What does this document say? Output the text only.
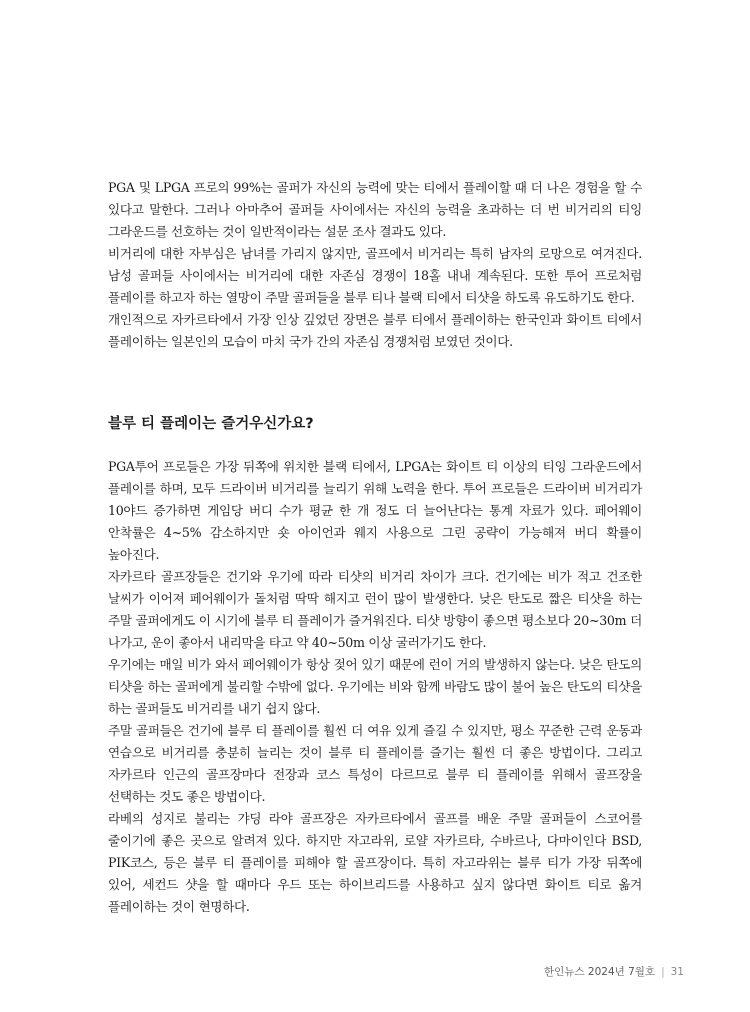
PGA 및 LPGA 프로의 99%는 골퍼가 자신의 능력에 맞는 티에서 플레이할 때 더 나은 경험을 할 수 있다고 말한다. 그러나 아마추어 골퍼들 사이에서는 자신의 능력을 초과하는 더 번 비거리의 티잉 그라운드를 선호하는 것이 일반적이라는 설문 조사 결과도 있다.

비거리에 대한 자부심은 남녀를 가리지 않지만, 골프에서 비거리는 특히 남자의 로망으로 여겨진다. 남성 골퍼들 사이에서는 비거리에 대한 자존심 경쟁이 18홀 내내 계속된다. 또한 투어 프로처럼 플레이를 하고자 하는 열망이 주말 골퍼들을 블루 티나 블랙 티에서 티샷을 하도록 유도하기도 한다.

개인적으로 자카르타에서 가장 인상 깊었던 장면은 블루 티에서 플레이하는 한국인과 화이트 티에서 플레이하는 일본인의 모습이 마치 국가 간의 자존심 경쟁처럼 보였던 것이다.

블루 티 플레이는 즐거우신가요?

PGA투어 프로들은 가장 뒤쪽에 위치한 블랙 티에서, LPGA는 화이트 티 이상의 티잉 그라운드에서 플레이를 하며, 모두 드라이버 비거리를 늘리기 위해 노력을 한다. 투어 프로들은 드라이버 비거리가 10야드 증가하면 게임당 버디 수가 평균 한 개 정도 더 늘어난다는 통계 자료가 있다. 페어웨이 안착률은 4~5% 감소하지만 숏 아이언과 웨지 사용으로 그린 공략이 가능해져 버디 확률이 높아진다.

자카르타 골프장들은 건기와 우기에 따라 티샷의 비거리 차이가 크다. 건기에는 비가 적고 건조한 날씨가 이어져 페어웨이가 돌처럼 딱딱 해지고 런이 많이 발생한다. 낮은 탄도로 짧은 티샷을 하는 주말 골퍼에게도 이 시기에 블루 티 플레이가 즐거워진다. 티샷 방향이 좋으면 평소보다 20~30m 더 나가고, 운이 좋아서 내리막을 타고 약 40~50m 이상 굴러가기도 한다.

우기에는 매일 비가 와서 페어웨이가 항상 젖어 있기 때문에 런이 거의 발생하지 않는다. 낮은 탄도의 티샷을 하는 골퍼에게 불리할 수밖에 없다. 우기에는 비와 함께 바람도 많이 불어 높은 탄도의 티샷을 하는 골퍼들도 비거리를 내기 쉽지 않다.

주말 골퍼들은 건기에 블루 티 플레이를 훨씬 더 여유 있게 즐길 수 있지만, 평소 꾸준한 근력 운동과 연습으로 비거리를 충분히 늘리는 것이 블루 티 플레이를 즐기는 훨씬 더 좋은 방법이다. 그리고 자카르타 인근의 골프장마다 전장과 코스 특성이 다르므로 블루 티 플레이를 위해서 골프장을 선택하는 것도 좋은 방법이다.

라베의 성지로 불리는 갸딩 라야 골프장은 자카르타에서 골프를 배운 주말 골퍼들이 스코어를 줄이기에 좋은 곳으로 알려져 있다. 하지만 자고라위, 로얄 자카르타, 수바르나, 다마이인다 BSD, PIK코스, 등은 블루 티 플레이를 피해야 할 골프장이다. 특히 자고라위는 블루 티가 가장 뒤쪽에 있어, 세컨드 샷을 할 때마다 우드 또는 하이브리드를 사용하고 싶지 않다면 화이트 티로 옮겨 플레이하는 것이 현명하다.

한인뉴스 2024년 7월호 | 31
